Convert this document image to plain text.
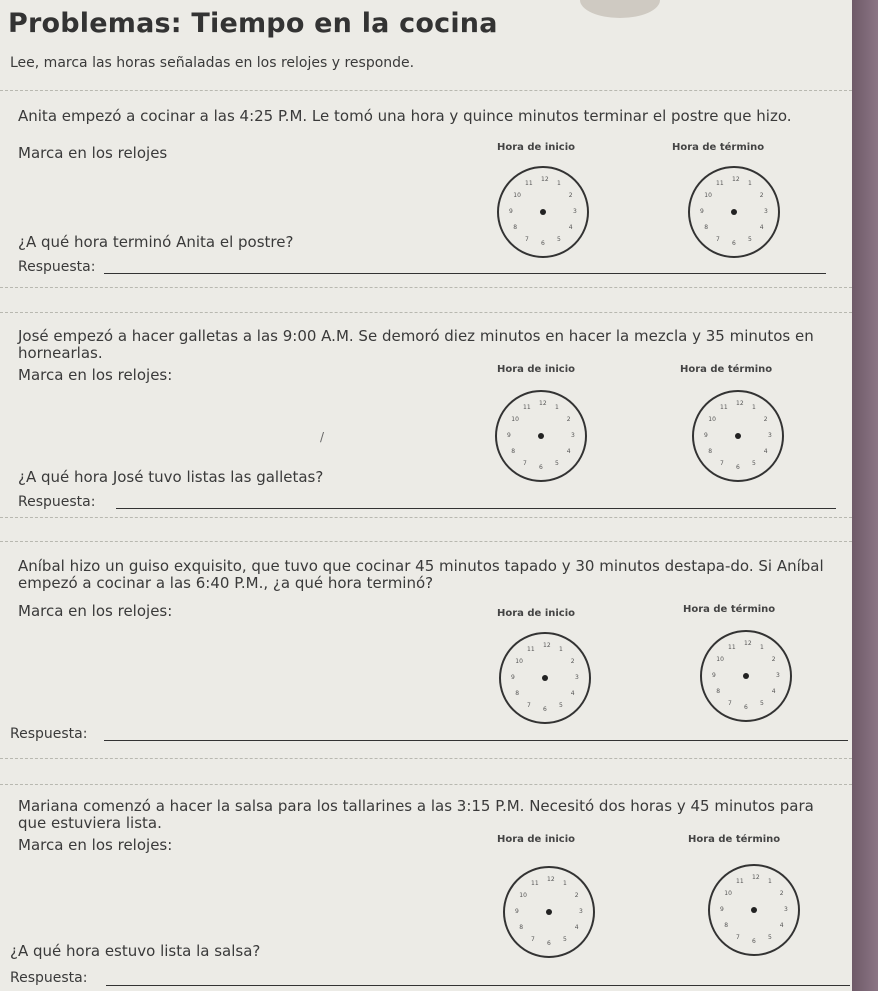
Problemas: Tiempo en la cocina
Lee, marca las horas señaladas en los relojes y responde.
Anita empezó a cocinar a las 4:25 P.M. Le tomó una hora y quince minutos terminar el postre que hizo.
Marca en los relojes	Hora de inicio	Hora de término
12
1
2
3
4
5
6
7
8
9
10
11
12
1
2
3
4
5
6
7
8
9
10
11
¿A qué hora terminó Anita el postre?
Respuesta:
José empezó a hacer galletas a las 9:00 A.M. Se demoró diez minutos en hacer la mezcla y 35 minutos en hornearlas.
Marca en los relojes:	Hora de inicio	Hora de término
12
1
2
3
4
5
6
7
8
9
10
11
12
1
2
3
4
5
6
7
8
9
10
11
¿A qué hora José tuvo listas las galletas?
Respuesta:
/
Aníbal hizo un guiso exquisito, que tuvo que cocinar 45 minutos tapado y 30 minutos destapa-do. Si Aníbal empezó a cocinar a las 6:40 P.M., ¿a qué hora terminó?
Marca en los relojes:	Hora de inicio	Hora de término
12
1
2
3
4
5
6
7
8
9
10
11
12
1
2
3
4
5
6
7
8
9
10
11
Respuesta:
Mariana comenzó a hacer la salsa para los tallarines a las 3:15 P.M. Necesitó dos horas y 45 minutos para que estuviera lista.
Marca en los relojes:	Hora de inicio	Hora de término
12
1
2
3
4
5
6
7
8
9
10
11
12
1
2
3
4
5
6
7
8
9
10
11
¿A qué hora estuvo lista la salsa?
Respuesta:
